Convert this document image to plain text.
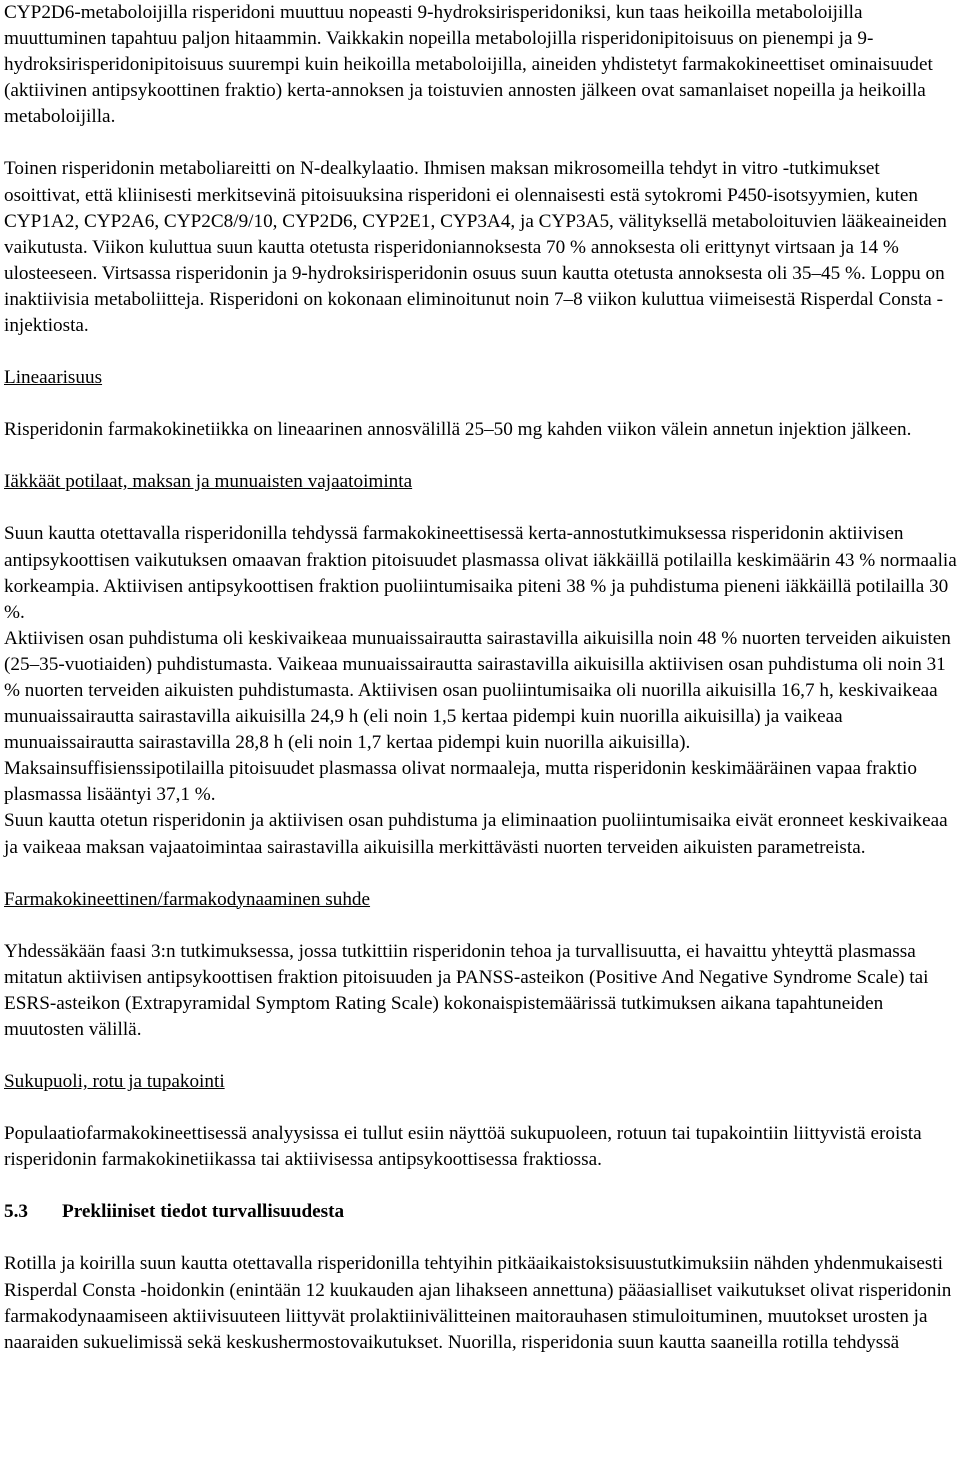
CYP2D6-metaboloijilla risperidoni muuttuu nopeasti 9-hydroksirisperidoniksi, kun taas heikoilla metaboloijilla muuttuminen tapahtuu paljon hitaammin. Vaikkakin nopeilla metabolojilla risperidonipitoisuus on pienempi ja 9-hydroksirisperidonipitoisuus suurempi kuin heikoilla metaboloijilla, aineiden yhdistetyt farmakokineettiset ominaisuudet (aktiivinen antipsykoottinen fraktio) kerta-annoksen ja toistuvien annosten jälkeen ovat samanlaiset nopeilla ja heikoilla metaboloijilla.

Toinen risperidonin metaboliareitti on N-dealkylaatio. Ihmisen maksan mikrosomeilla tehdyt in vitro -tutkimukset osoittivat, että kliinisesti merkitsevinä pitoisuuksina risperidoni ei olennaisesti estä sytokromi P450-isotsyymien, kuten CYP1A2, CYP2A6, CYP2C8/9/10, CYP2D6, CYP2E1, CYP3A4, ja CYP3A5, välityksellä metaboloituvien lääkeaineiden vaikutusta. Viikon kuluttua suun kautta otetusta risperidoniannoksesta 70 % annoksesta oli erittynyt virtsaan ja 14 % ulosteeseen. Virtsassa risperidonin ja 9-hydroksirisperidonin osuus suun kautta otetusta annoksesta oli 35–45 %. Loppu on inaktiivisia metaboliitteja. Risperidoni on kokonaan eliminoitunut noin 7–8 viikon kuluttua viimeisestä Risperdal Consta -injektiosta.

Lineaarisuus

Risperidonin farmakokinetiikka on lineaarinen annosvälillä 25–50 mg kahden viikon välein annetun injektion jälkeen.

Iäkkäät potilaat, maksan ja munuaisten vajaatoiminta

Suun kautta otettavalla risperidonilla tehdyssä farmakokineettisessä kerta-annostutkimuksessa risperidonin aktiivisen antipsykoottisen vaikutuksen omaavan fraktion pitoisuudet plasmassa olivat iäkkäillä potilailla keskimäärin 43 % normaalia korkeampia. Aktiivisen antipsykoottisen fraktion puoliintumisaika piteni 38 % ja puhdistuma pieneni iäkkäillä potilailla 30 %.

Aktiivisen osan puhdistuma oli keskivaikeaa munuaissairautta sairastavilla aikuisilla noin 48 % nuorten terveiden aikuisten (25–35-vuotiaiden) puhdistumasta. Vaikeaa munuaissairautta sairastavilla aikuisilla aktiivisen osan puhdistuma oli noin 31 % nuorten terveiden aikuisten puhdistumasta. Aktiivisen osan puoliintumisaika oli nuorilla aikuisilla 16,7 h, keskivaikeaa munuaissairautta sairastavilla aikuisilla 24,9 h (eli noin 1,5 kertaa pidempi kuin nuorilla aikuisilla) ja vaikeaa munuaissairautta sairastavilla 28,8 h (eli noin 1,7 kertaa pidempi kuin nuorilla aikuisilla).

Maksainsuffisienssipotilailla pitoisuudet plasmassa olivat normaaleja, mutta risperidonin keskimääräinen vapaa fraktio plasmassa lisääntyi 37,1 %.

Suun kautta otetun risperidonin ja aktiivisen osan puhdistuma ja eliminaation puoliintumisaika eivät eronneet keskivaikeaa ja vaikeaa maksan vajaatoimintaa sairastavilla aikuisilla merkittävästi nuorten terveiden aikuisten parametreista.

Farmakokineettinen/farmakodynaaminen suhde

Yhdessäkään faasi 3:n tutkimuksessa, jossa tutkittiin risperidonin tehoa ja turvallisuutta, ei havaittu yhteyttä plasmassa mitatun aktiivisen antipsykoottisen fraktion pitoisuuden ja PANSS-asteikon (Positive And Negative Syndrome Scale) tai ESRS-asteikon (Extrapyramidal Symptom Rating Scale) kokonaispistemäärissä tutkimuksen aikana tapahtuneiden muutosten välillä.

Sukupuoli, rotu ja tupakointi

Populaatiofarmakokineettisessä analyysissa ei tullut esiin näyttöä sukupuoleen, rotuun tai tupakointiin liittyvistä eroista risperidonin farmakokinetiikassa tai aktiivisessa antipsykoottisessa fraktiossa.

5.3	Prekliiniset tiedot turvallisuudesta

Rotilla ja koirilla suun kautta otettavalla risperidonilla tehtyihin pitkäaikaistoksisuustutkimuksiin nähden yhdenmukaisesti Risperdal Consta -hoidonkin (enintään 12 kuukauden ajan lihakseen annettuna) pääasialliset vaikutukset olivat risperidonin farmakodynaamiseen aktiivisuuteen liittyvät prolaktiinivälitteinen maitorauhasen stimuloituminen, muutokset urosten ja naaraiden sukuelimissä sekä keskushermostovaikutukset. Nuorilla, risperidonia suun kautta saaneilla rotilla tehdyssä
